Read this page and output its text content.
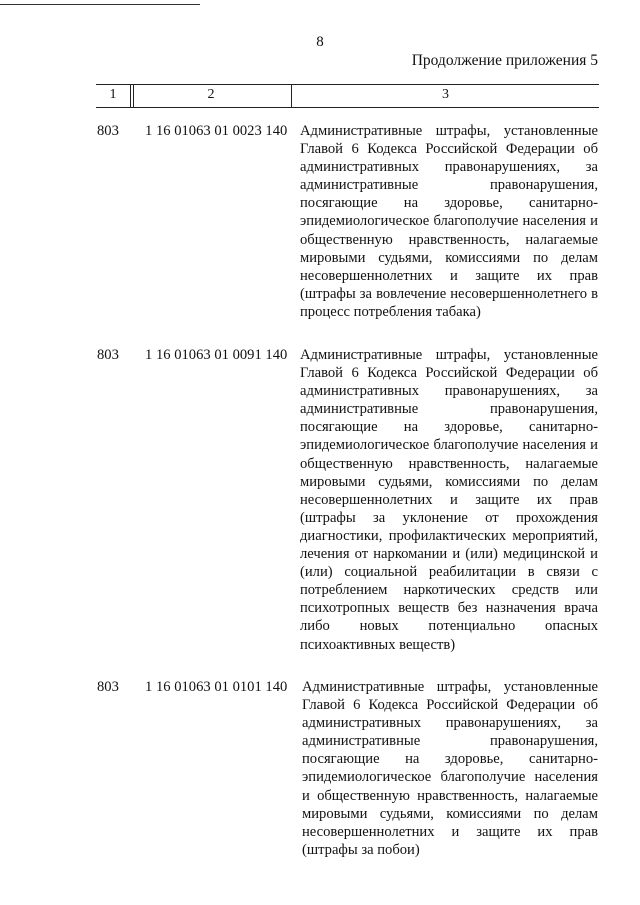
8
Продолжение приложения 5
1	2	3
803 1 16 01063 01 0023 140 Административные штрафы, установленные Главой 6 Кодекса Российской Федерации об административных правонарушениях, за административные правонарушения, посягающие на здоровье, санитарно-эпидемиологическое благополучие населения и общественную нравственность, налагаемые мировыми судьями, комиссиями по делам несовершеннолетних и защите их прав (штрафы за вовлечение несовершеннолетнего в процесс потребления табака)
803 1 16 01063 01 0091 140 Административные штрафы, установленные Главой 6 Кодекса Российской Федерации об административных правонарушениях, за административные правонарушения, посягающие на здоровье, санитарно-эпидемиологическое благополучие населения и общественную нравственность, налагаемые мировыми судьями, комиссиями по делам несовершеннолетних и защите их прав (штрафы за уклонение от прохождения диагностики, профилактических мероприятий, лечения от наркомании и (или) медицинской и (или) социальной реабилитации в связи с потреблением наркотических средств или психотропных веществ без назначения врача либо новых потенциально опасных психоактивных веществ)
803 1 16 01063 01 0101 140 Административные штрафы, установленные Главой 6 Кодекса Российской Федерации об административных правонарушениях, за административные правонарушения, посягающие на здоровье, санитарно-эпидемиологическое благополучие населения и общественную нравственность, налагаемые мировыми судьями, комиссиями по делам несовершеннолетних и защите их прав (штрафы за побои)
